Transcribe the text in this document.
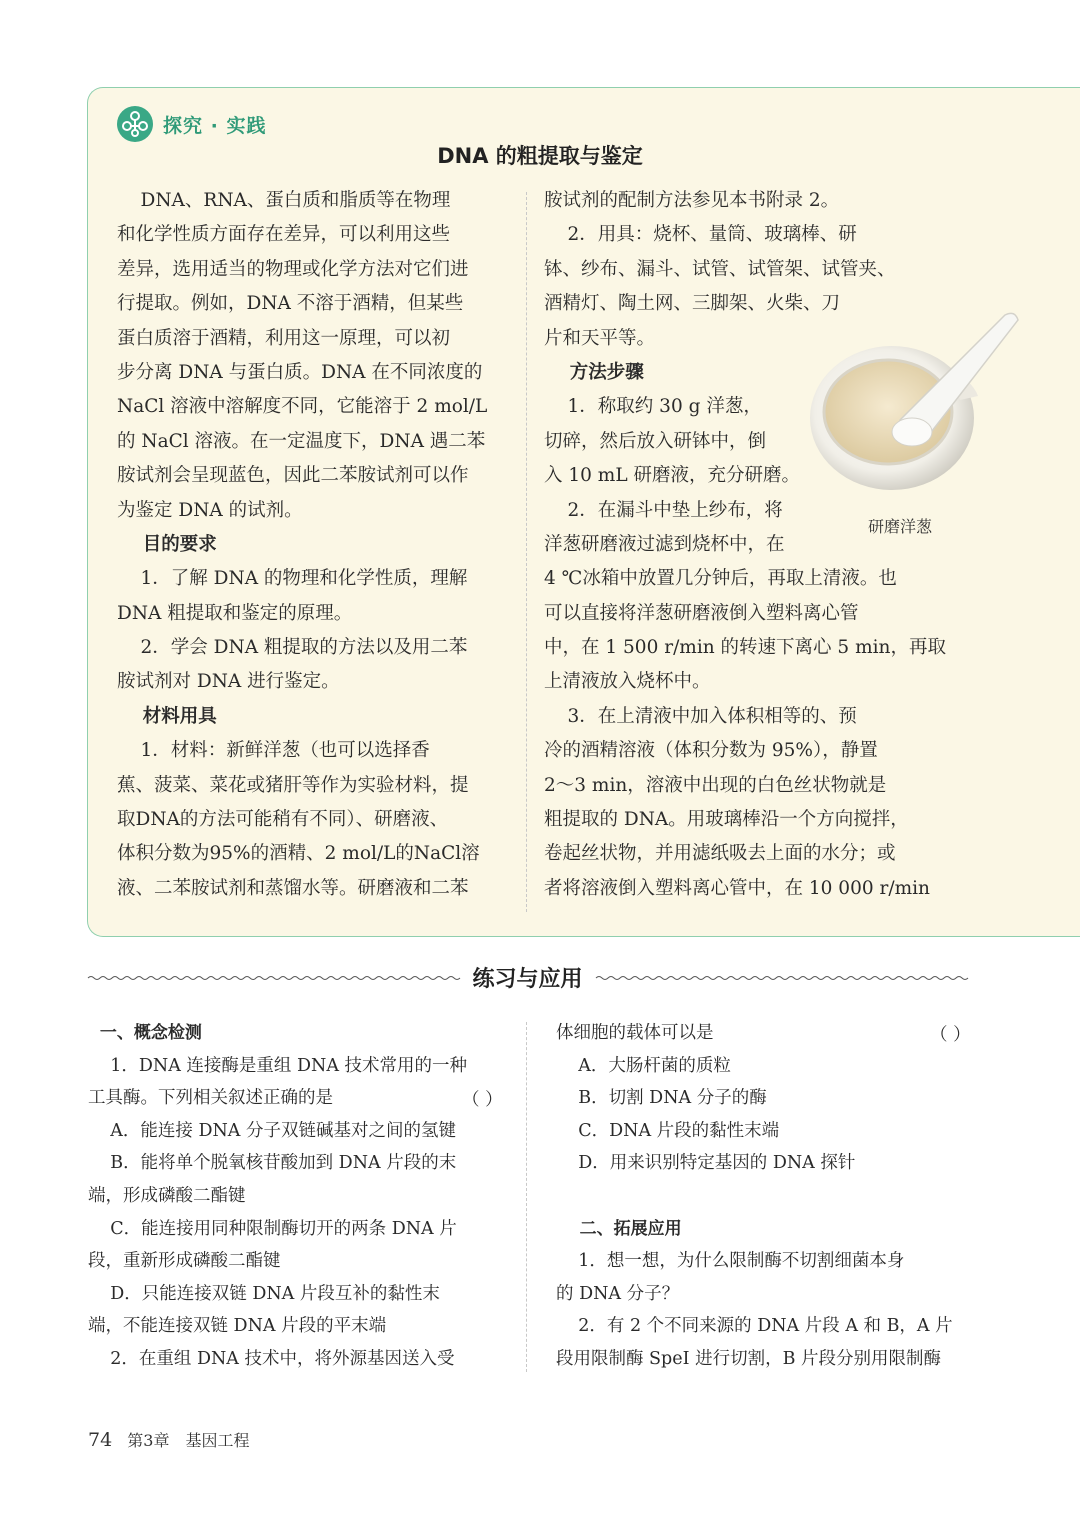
探究 · 实践
DNA 的粗提取与鉴定

DNA、RNA、蛋白质和脂质等在物理

和化学性质方面存在差异，可以利用这些

差异，选用适当的物理或化学方法对它们进

行提取。例如，DNA 不溶于酒精，但某些

蛋白质溶于酒精，利用这一原理，可以初

步分离 DNA 与蛋白质。DNA 在不同浓度的

NaCl 溶液中溶解度不同，它能溶于 2 mol/L

的 NaCl 溶液。在一定温度下，DNA 遇二苯

胺试剂会呈现蓝色，因此二苯胺试剂可以作

为鉴定 DNA 的试剂。

目的要求

1．了解 DNA 的物理和化学性质，理解

DNA 粗提取和鉴定的原理。

2．学会 DNA 粗提取的方法以及用二苯

胺试剂对 DNA 进行鉴定。

材料用具

1．材料：新鲜洋葱（也可以选择香

蕉、菠菜、菜花或猪肝等作为实验材料，提

取DNA的方法可能稍有不同）、研磨液、

体积分数为95%的酒精、2 mol/L的NaCl溶

液、二苯胺试剂和蒸馏水等。研磨液和二苯

胺试剂的配制方法参见本书附录 2。

2．用具：烧杯、量筒、玻璃棒、研

钵、纱布、漏斗、试管、试管架、试管夹、

酒精灯、陶土网、三脚架、火柴、刀

片和天平等。

方法步骤

1．称取约 30 g 洋葱，

切碎，然后放入研钵中，倒

入 10 mL 研磨液，充分研磨。

2．在漏斗中垫上纱布，将

洋葱研磨液过滤到烧杯中，在

4 ℃冰箱中放置几分钟后，再取上清液。也

可以直接将洋葱研磨液倒入塑料离心管

中，在 1 500 r/min 的转速下离心 5 min，再取

上清液放入烧杯中。

3．在上清液中加入体积相等的、预

冷的酒精溶液（体积分数为 95%），静置

2～3 min，溶液中出现的白色丝状物就是

粗提取的 DNA。用玻璃棒沿一个方向搅拌，

卷起丝状物，并用滤纸吸去上面的水分；或

者将溶液倒入塑料离心管中，在 10 000 r/min

研磨洋葱
练习与应用

一、概念检测

1．DNA 连接酶是重组 DNA 技术常用的一种

工具酶。下列相关叙述正确的是

A．能连接 DNA 分子双链碱基对之间的氢键

B．能将单个脱氧核苷酸加到 DNA 片段的末

端，形成磷酸二酯键

C．能连接用同种限制酶切开的两条 DNA 片

段，重新形成磷酸二酯键

D．只能连接双链 DNA 片段互补的黏性末

端，不能连接双链 DNA 片段的平末端

2．在重组 DNA 技术中，将外源基因送入受

体细胞的载体可以是

A．大肠杆菌的质粒

B．切割 DNA 分子的酶

C．DNA 片段的黏性末端

D．用来识别特定基因的 DNA 探针

二、拓展应用

1．想一想，为什么限制酶不切割细菌本身

的 DNA 分子？

2．有 2 个不同来源的 DNA 片段 A 和 B，A 片

段用限制酶 SpeⅠ 进行切割，B 片段分别用限制酶

（ ）
（ ）
74 第3章　基因工程
